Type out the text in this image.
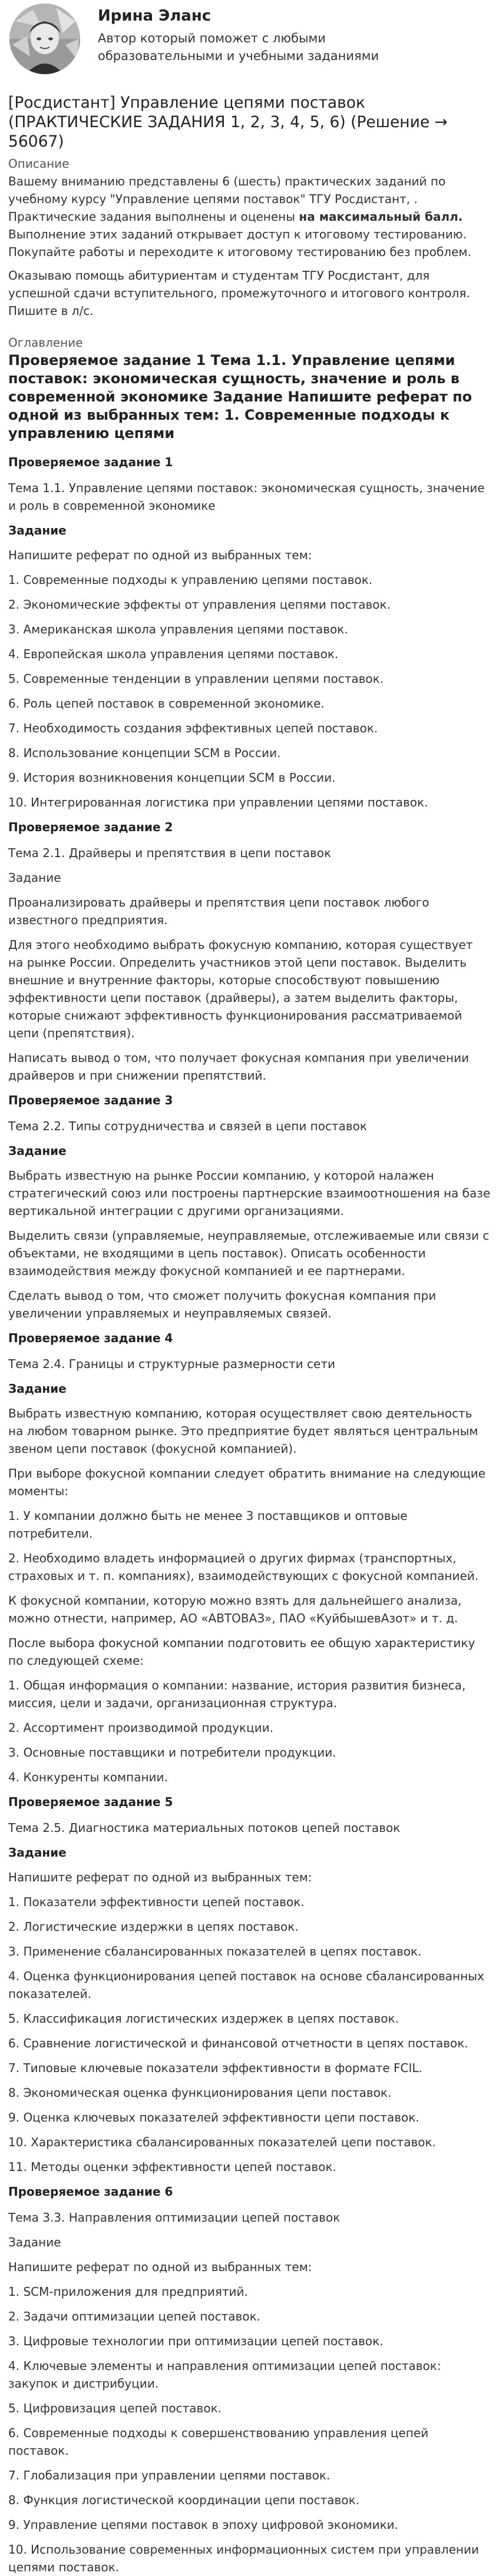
Ирина Эланс
Автор который поможет с любыми образовательными и учебными заданиями
[Росдистант] Управление цепями поставок (ПРАКТИЧЕСКИЕ ЗАДАНИЯ 1, 2, 3, 4, 5, 6) (Решение → 56067)
Описание

Вашему вниманию представлены 6 (шесть) практических заданий по учебному курсу "Управление цепями поставок" ТГУ Росдистант, . Практические задания выполнены и оценены на максимальный балл. Выполнение этих заданий открывает доступ к итоговому тестированию. Покупайте работы и переходите к итоговому тестированию без проблем.

Оказываю помощь абитуриентам и студентам ТГУ Росдистант, для успешной сдачи вступительного, промежуточного и итогового контроля. Пишите в л/с.

Оглавление
Проверяемое задание 1 Тема 1.1. Управление цепями поставок: экономическая сущность, значение и роль в современной экономике Задание Напишите реферат по одной из выбранных тем: 1. Современные подходы к управлению цепями
Проверяемое задание 1
Тема 1.1. Управление цепями поставок: экономическая сущность, значение и роль в современной экономике
Задание
Напишите реферат по одной из выбранных тем:
1. Современные подходы к управлению цепями поставок.
2. Экономические эффекты от управления цепями поставок.
3. Американская школа управления цепями поставок.
4. Европейская школа управления цепями поставок.
5. Современные тенденции в управлении цепями поставок.
6. Роль цепей поставок в современной экономике.
7. Необходимость создания эффективных цепей поставок.
8. Использование концепции SCM в России.
9. История возникновения концепции SCM в России.
10. Интегрированная логистика при управлении цепями поставок.
Проверяемое задание 2
Тема 2.1. Драйверы и препятствия в цепи поставок
Задание
Проанализировать драйверы и препятствия цепи поставок любого известного предприятия.
Для этого необходимо выбрать фокусную компанию, которая существует на рынке России. Определить участников этой цепи поставок. Выделить внешние и внутренние факторы, которые способствуют повышению эффективности цепи поставок (драйверы), а затем выделить факторы, которые снижают эффективность функционирования рассматриваемой цепи (препятствия).
Написать вывод о том, что получает фокусная компания при увеличении драйверов и при снижении препятствий.
Проверяемое задание 3
Тема 2.2. Типы сотрудничества и связей в цепи поставок
Задание
Выбрать известную на рынке России компанию, у которой налажен стратегический союз или построены партнерские взаимоотношения на базе вертикальной интеграции с другими организациями.
Выделить связи (управляемые, неуправляемые, отслеживаемые или связи с объектами, не входящими в цепь поставок). Описать особенности взаимодействия между фокусной компанией и ее партнерами.
Сделать вывод о том, что сможет получить фокусная компания при увеличении управляемых и неуправляемых связей.
Проверяемое задание 4
Тема 2.4. Границы и структурные размерности сети
Задание
Выбрать известную компанию, которая осуществляет свою деятельность на любом товарном рынке. Это предприятие будет являться центральным звеном цепи поставок (фокусной компанией).
При выборе фокусной компании следует обратить внимание на следующие моменты:
1. У компании должно быть не менее 3 поставщиков и оптовые потребители.
2. Необходимо владеть информацией о других фирмах (транспортных, страховых и т. п. компаниях), взаимодействующих с фокусной компанией.
К фокусной компании, которую можно взять для дальнейшего анализа, можно отнести, например, АО «АВТОВАЗ», ПАО «КуйбышевАзот» и т. д.
После выбора фокусной компании подготовить ее общую характеристику по следующей схеме:
1. Общая информация о компании: название, история развития бизнеса, миссия, цели и задачи, организационная структура.
2. Ассортимент производимой продукции.
3. Основные поставщики и потребители продукции.
4. Конкуренты компании.
Проверяемое задание 5
Тема 2.5. Диагностика материальных потоков цепей поставок
Задание
Напишите реферат по одной из выбранных тем:
1. Показатели эффективности цепей поставок.
2. Логистические издержки в цепях поставок.
3. Применение сбалансированных показателей в цепях поставок.
4. Оценка функционирования цепей поставок на основе сбалансированных показателей.
5. Классификация логистических издержек в цепях поставок.
6. Сравнение логистической и финансовой отчетности в цепях поставок.
7. Типовые ключевые показатели эффективности в формате FCIL.
8. Экономическая оценка функционирования цепи поставок.
9. Оценка ключевых показателей эффективности цепи поставок.
10. Характеристика сбалансированных показателей цепи поставок.
11. Методы оценки эффективности цепей поставок.
Проверяемое задание 6
Тема 3.3. Направления оптимизации цепей поставок
Задание
Напишите реферат по одной из выбранных тем:
1. SCM-приложения для предприятий.
2. Задачи оптимизации цепей поставок.
3. Цифровые технологии при оптимизации цепей поставок.
4. Ключевые элементы и направления оптимизации цепей поставок: закупок и дистрибуции.
5. Цифровизация цепей поставок.
6. Современные подходы к совершенствованию управления цепей поставок.
7. Глобализация при управлении цепями поставок.
8. Функция логистической координации цепи поставок.
9. Управление цепями поставок в эпоху цифровой экономики.
10. Использование современных информационных систем при управлении цепями поставок.
